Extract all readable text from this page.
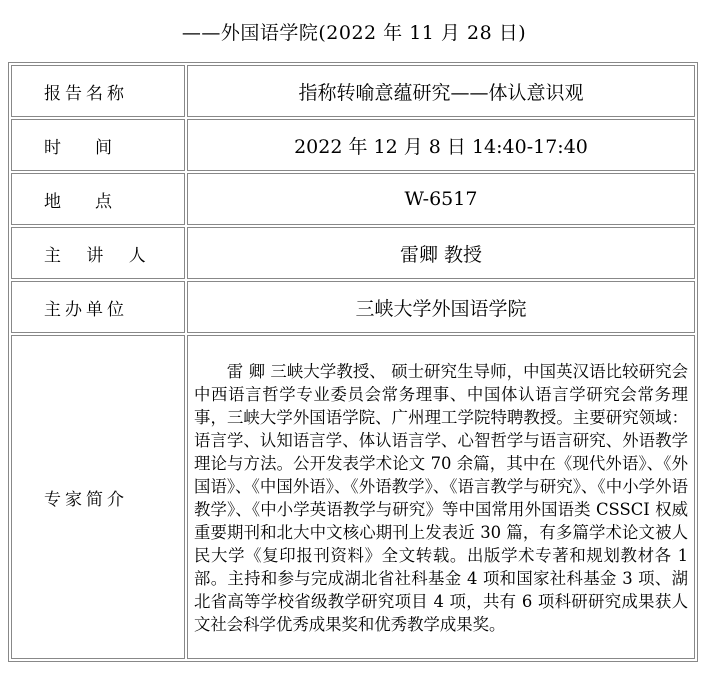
——外国语学院(2022 年 11 月 28 日)
报告名称	指称转喻意蕴研究——体认意识观
时　　间	2022 年 12 月 8 日 14:40-17:40
地　　点	W-6517
主 讲 人	雷卿 教授
主办单位	三峡大学外国语学院
专家简介	雷 卿 三峡大学教授、 硕士研究生导师，中国英汉语比较研究会中西语言哲学专业委员会常务理事、中国体认语言学研究会常务理事，三峡大学外国语学院、广州理工学院特聘教授。主要研究领域：语言学、认知语言学、体认语言学、心智哲学与语言研究、外语教学理论与方法。公开发表学术论文 70 余篇，其中在《现代外语》、《外国语》、《中国外语》、《外语教学》、《语言教学与研究》、《中小学外语教学》、《中小学英语教学与研究》等中国常用外国语类 CSSCI 权威重要期刊和北大中文核心期刊上发表近 30 篇，有多篇学术论文被人民大学《复印报刊资料》全文转载。出版学术专著和规划教材各 1 部。主持和参与完成湖北省社科基金 4 项和国家社科基金 3 项、湖北省高等学校省级教学研究项目 4 项，共有 6 项科研研究成果获人文社会科学优秀成果奖和优秀教学成果奖。
